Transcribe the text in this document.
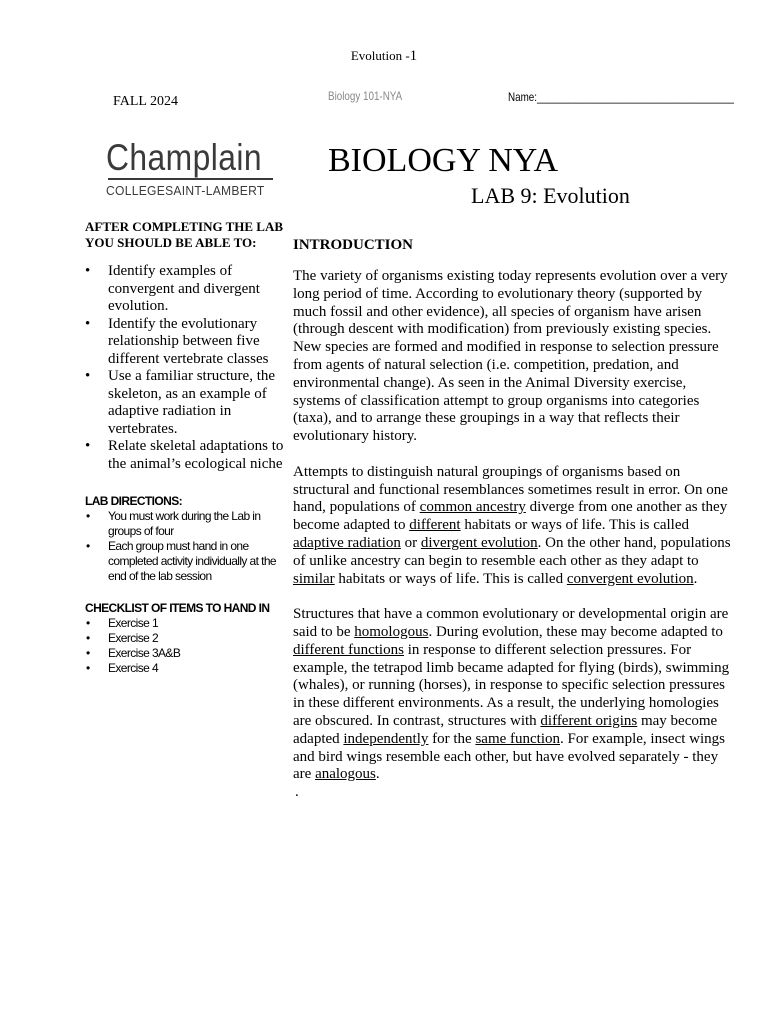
Evolution -1
FALL 2024	Biology 101-NYA	Name:____________________________________
Champlain
COLLEGESAINT-LAMBERT
BIOLOGY NYA
LAB 9: Evolution
AFTER COMPLETING THE LAB YOU SHOULD BE ABLE TO:
• Identify examples of convergent and divergent evolution.
• Identify the evolutionary relationship between five different vertebrate classes
• Use a familiar structure, the skeleton, as an example of adaptive radiation in vertebrates.
• Relate skeletal adaptations to the animal’s ecological niche
LAB DIRECTIONS:
• You must work during the Lab in groups of four
• Each group must hand in one completed activity individually at the end of the lab session
CHECKLIST OF ITEMS TO HAND IN
• Exercise 1
• Exercise 2
• Exercise 3A&B
• Exercise 4
INTRODUCTION

The variety of organisms existing today represents evolution over a very long period of time. According to evolutionary theory (supported by much fossil and other evidence), all species of organism have arisen (through descent with modification) from previously existing species. New species are formed and modified in response to selection pressure from agents of natural selection (i.e. competition, predation, and environmental change). As seen in the Animal Diversity exercise, systems of classification attempt to group organisms into categories (taxa), and to arrange these groupings in a way that reflects their evolutionary history.

Attempts to distinguish natural groupings of organisms based on structural and functional resemblances sometimes result in error. On one hand, populations of common ancestry diverge from one another as they become adapted to different habitats or ways of life. This is called adaptive radiation or divergent evolution. On the other hand, populations of unlike ancestry can begin to resemble each other as they adapt to similar habitats or ways of life. This is called convergent evolution.

Structures that have a common evolutionary or developmental origin are said to be homologous. During evolution, these may become adapted to different functions in response to different selection pressures. For example, the tetrapod limb became adapted for flying (birds), swimming (whales), or running (horses), in response to specific selection pressures in these different environments. As a result, the underlying homologies are obscured. In contrast, structures with different origins may become adapted independently for the same function. For example, insect wings and bird wings resemble each other, but have evolved separately - they are analogous.

.
